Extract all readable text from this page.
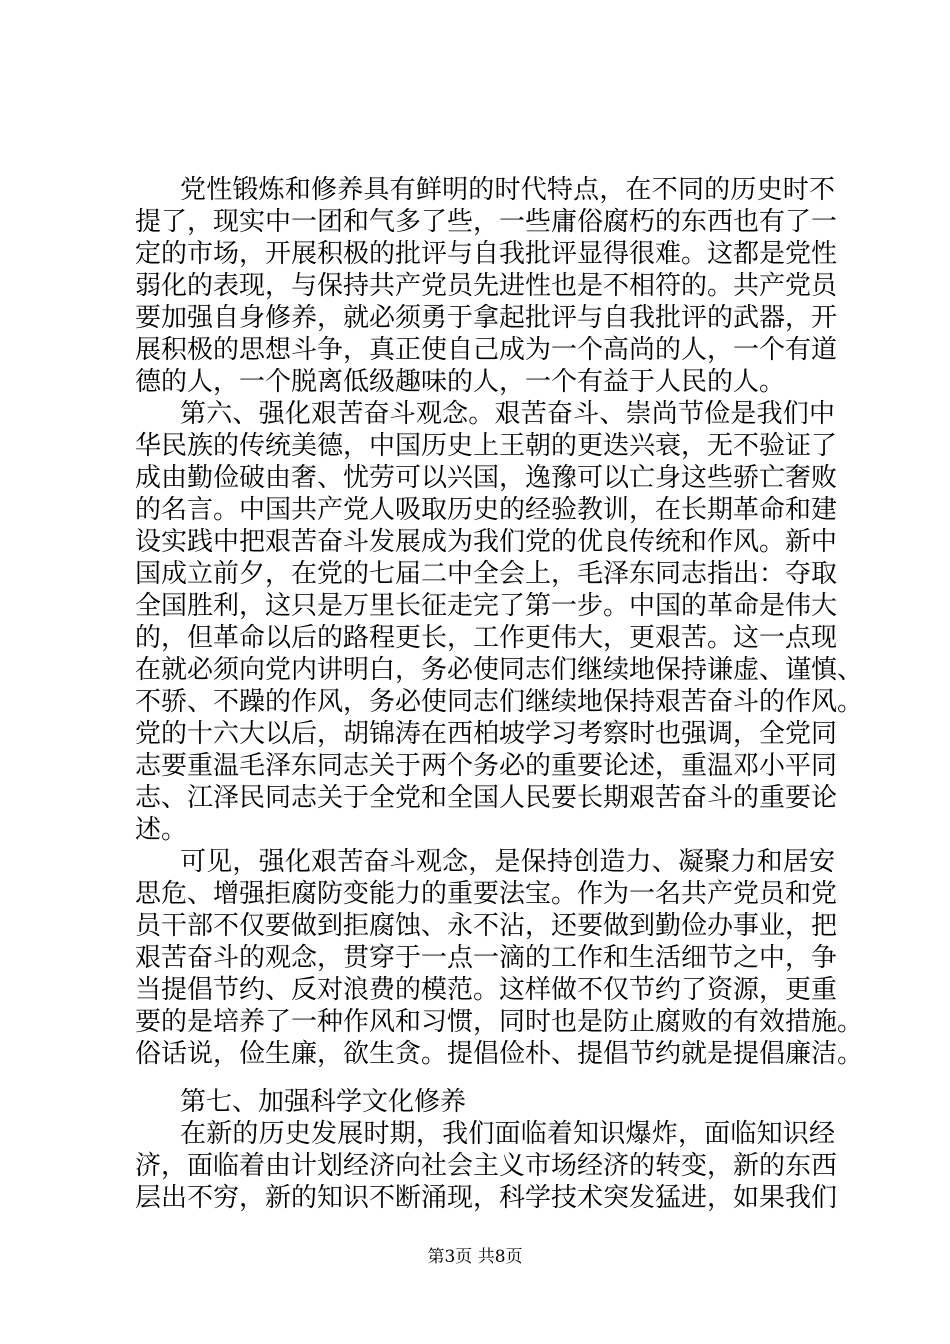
党性锻炼和修养具有鲜明的时代特点，在不同的历史时不
提了，现实中一团和气多了些，一些庸俗腐朽的东西也有了一
定的市场，开展积极的批评与自我批评显得很难。这都是党性
弱化的表现，与保持共产党员先进性也是不相符的。共产党员
要加强自身修养，就必须勇于拿起批评与自我批评的武器，开
展积极的思想斗争，真正使自己成为一个高尚的人，一个有道
德的人，一个脱离低级趣味的人，一个有益于人民的人。
第六、强化艰苦奋斗观念。艰苦奋斗、崇尚节俭是我们中
华民族的传统美德，中国历史上王朝的更迭兴衰，无不验证了
成由勤俭破由奢、忧劳可以兴国，逸豫可以亡身这些骄亡奢败
的名言。中国共产党人吸取历史的经验教训，在长期革命和建
设实践中把艰苦奋斗发展成为我们党的优良传统和作风。新中
国成立前夕，在党的七届二中全会上，毛泽东同志指出：夺取
全国胜利，这只是万里长征走完了第一步。中国的革命是伟大
的，但革命以后的路程更长，工作更伟大，更艰苦。这一点现
在就必须向党内讲明白，务必使同志们继续地保持谦虚、谨慎、
不骄、不躁的作风，务必使同志们继续地保持艰苦奋斗的作风。
党的十六大以后，胡锦涛在西柏坡学习考察时也强调，全党同
志要重温毛泽东同志关于两个务必的重要论述，重温邓小平同
志、江泽民同志关于全党和全国人民要长期艰苦奋斗的重要论
述。
可见，强化艰苦奋斗观念，是保持创造力、凝聚力和居安
思危、增强拒腐防变能力的重要法宝。作为一名共产党员和党
员干部不仅要做到拒腐蚀、永不沾，还要做到勤俭办事业，把
艰苦奋斗的观念，贯穿于一点一滴的工作和生活细节之中，争
当提倡节约、反对浪费的模范。这样做不仅节约了资源，更重
要的是培养了一种作风和习惯，同时也是防止腐败的有效措施。
俗话说，俭生廉，欲生贪。提倡俭朴、提倡节约就是提倡廉洁。
第七、加强科学文化修养
在新的历史发展时期，我们面临着知识爆炸，面临知识经
济，面临着由计划经济向社会主义市场经济的转变，新的东西
层出不穷，新的知识不断涌现，科学技术突发猛进，如果我们
第3页 共8页
